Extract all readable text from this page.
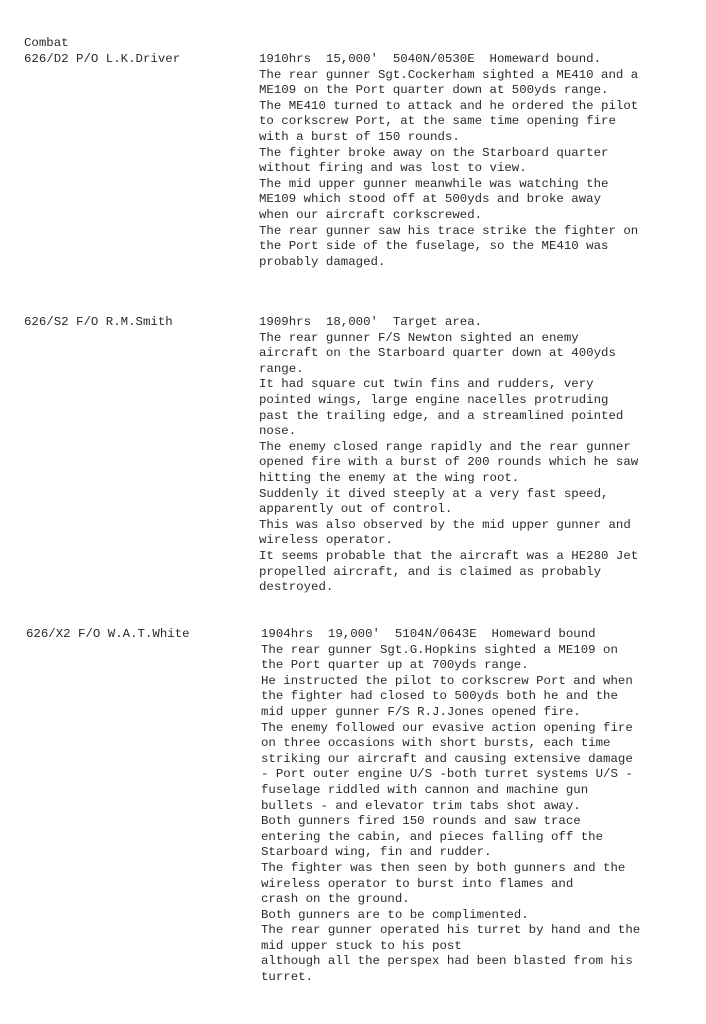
Combat
626/D2 P/O L.K.Driver	1910hrs  15,000'  5040N/0530E  Homeward bound.
The rear gunner Sgt.Cockerham sighted a ME410 and a
ME109 on the Port quarter down at 500yds range.
The ME410 turned to attack and he ordered the pilot
to corkscrew Port, at the same time opening fire
with a burst of 150 rounds.
The fighter broke away on the Starboard quarter
without firing and was lost to view.
The mid upper gunner meanwhile was watching the
ME109 which stood off at 500yds and broke away
when our aircraft corkscrewed.
The rear gunner saw his trace strike the fighter on
the Port side of the fuselage, so the ME410 was
probably damaged.
626/S2 F/O R.M.Smith	1909hrs  18,000'  Target area.
The rear gunner F/S Newton sighted an enemy
aircraft on the Starboard quarter down at 400yds
range.
It had square cut twin fins and rudders, very
pointed wings, large engine nacelles protruding
past the trailing edge, and a streamlined pointed
nose.
The enemy closed range rapidly and the rear gunner
opened fire with a burst of 200 rounds which he saw
hitting the enemy at the wing root.
Suddenly it dived steeply at a very fast speed,
apparently out of control.
This was also observed by the mid upper gunner and
wireless operator.
It seems probable that the aircraft was a HE280 Jet
propelled aircraft, and is claimed as probably
destroyed.
626/X2 F/O W.A.T.White	1904hrs  19,000'  5104N/0643E  Homeward bound
The rear gunner Sgt.G.Hopkins sighted a ME109 on
the Port quarter up at 700yds range.
He instructed the pilot to corkscrew Port and when
the fighter had closed to 500yds both he and the
mid upper gunner F/S R.J.Jones opened fire.
The enemy followed our evasive action opening fire
on three occasions with short bursts, each time
striking our aircraft and causing extensive damage
- Port outer engine U/S -both turret systems U/S -
fuselage riddled with cannon and machine gun
bullets - and elevator trim tabs shot away.
Both gunners fired 150 rounds and saw trace
entering the cabin, and pieces falling off the
Starboard wing, fin and rudder.
The fighter was then seen by both gunners and the
wireless operator to burst into flames and
crash on the ground.
Both gunners are to be complimented.
The rear gunner operated his turret by hand and the
mid upper stuck to his post
although all the perspex had been blasted from his
turret.
